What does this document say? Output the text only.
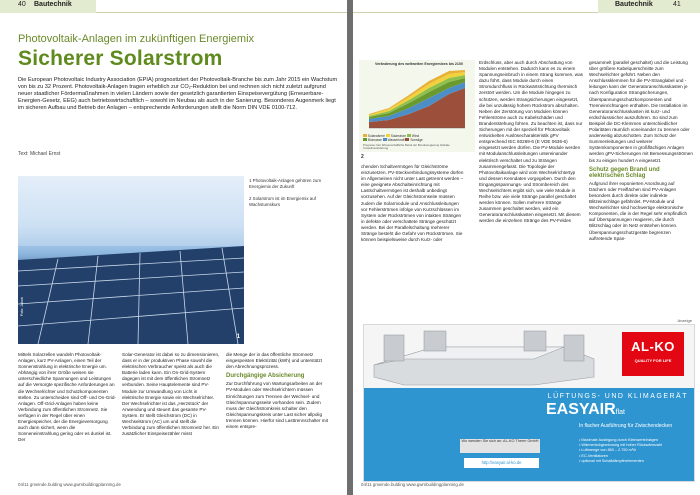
40 Bautechnik
Photovoltaik-Anlagen im zukünftigen Energiemix
Sicherer Solarstrom
Die European Photovoltaic Industry Association (EPIA) prognostiziert der Photovoltaik-Branche bis zum Jahr 2015 ein Wachstum von bis zu 32 Prozent. Photovoltaik-Anlagen tragen erheblich zur CO₂-Reduktion bei und rechnen sich nicht zuletzt aufgrund neuer staatlicher Fördermaßnahmen in vielen Ländern sowie der gesetzlich garantierten Einspeisevergütung (Erneuerbare-Energien-Gesetz, EEG) auch betriebswirtschaftlich – sowohl im Neubau als auch in der Sanierung. Besonderes Augenmerk liegt im sicheren Aufbau und Betrieb der Anlagen – entsprechende Anforderungen stellt die Norm DIN VDE 0100-712.
Text: Michael Ernst
Foto: Jakob
1
1 Photovoltaik-Anlagen gehören zum Energiemix der Zukunft
2 Solarstrom ist im Energiemix auf Wachstumskurs
Mittels Solarzellen wandeln Photovoltaik-Anlagen, kurz PV-Anlagen, einen Teil der Sonnenstrahlung in elektrische Energie um. Abhängig von ihrer Größe weisen sie unterschiedliche Spannungen und Leistungen auf die Versorgte spezifische Anforderungen an die Wechselrichter und Schutzkomponenten stellen. Zu unterscheiden sind Off- und On-Grid-Anlagen. Off-Grid-Anlagen haben keine Verbindung zum öffentlichen Stromnetz. Sie verfügen in der Regel über einen Energiespeicher, der die Energieversorgung auch dann sichert, wenn die Sonneneinstrahlung gering oder es dunkel ist. Der
Solar-Generator ist dabei so zu dimensionieren, dass er in der produktiven Phase sowohl die elektrischen Verbraucher speist als auch die Batterie laden kann. Ein On-Grid-System dagegen ist mit dem öffentlichen Stromnetz verbunden. Seine Hauptelemente sind PV-Module zur Umwandlung von Licht in elektrische Energie sowie ein Wechselrichter. Der Wechselrichter ist das „Herzstück“ der Anwendung und steuert das gesamte PV-System. Er stellt Gleichstrom (DC) in Wechselstrom (AC) um und stellt die Verbindung zum öffentlichen Stromnetz her. Ein zusätzlicher Einspeisezähler misst
die Menge der in das öffentliche Stromnetz eingespeisten Elektrizität (kWh) und unterstützt den Abrechnungsprozess.
Durchgängige Absicherung
Zur Durchführung von Wartungsarbeiten an der PV-Modulen oder Wechselrichtern müssen Einrichtungen zum Trennen der Wechsel- und Gleichspannungsseite vorhanden sein. Zudem muss der Gleichstromkreis schalter den Gleichspannungskreis unter Last sicher allpolig trennen können. Hierfür sind Lasttrennschalter mit einem entspre-
04/11 gmeinde.bulding www.gwmbuildingplanning.de
Bautechnik	41
Veränderung des weltweiten Energiemixes bis 2100
Solarwärme Solarstrom Wind
Biomasse Wasserkraft Sonstige
Prognose: Der Wissenschaftliche Beirat der Bundesregierung Globale Umweltveränderung
2
chenden Schaltvermögen für Gleichströme einzusetzen. PV-Steckverbindungssysteme dürfen im Allgemeinen nicht unter Last getrennt werden – eine geeignete Abschalteinrichtung mit Lastschaltvermögen ist deshalb unbedingt vorzusehen. Auf der Gleichstromseite müssen zudem die Solarmodule und Anschlussleitungen vor Fehlerströmen infolge von Kurzschlüssen im System oder Rückströmen von intakten Strängen in defekte oder verschattete Stränge geschützt werden. Bei der Parallelschaltung mehrerer Stränge besteht die Gefahr von Rückströmen. Sie können beispielsweise durch Kurz- oder
Erdschluss, aber auch durch Abschattung von Modulen entstehen. Dadurch kann es zu einem Spannungseinbruch in einem Strang kommen, was dazu führt, dass Module durch einen Stromdurchfluss in Rückwärtsrichtung thermisch zerstört werden. Um die Module hingegen zu schützen, werden Strangsicherungen eingesetzt, die bei unzulässig hohem Rückstrom abschalten. Neben der Zerstörung von Modulen können Fehlerströme auch zu Kabelschäden und Brandentstehung führen. Zu beachten ist, dass nur Sicherungen mit der speziell für Photovoltaik entwickelten Auslösecharakteristik gPV entsprechend IEC 60269-6 (E VDE 0636-6) eingesetzt werden dürfen. Die PV-Module werden mit Modulanschlussleitungen untereinander elektrisch verschaltet und zu Strängen zusammengefasst. Die Topologie der Photovoltaikanlage wird vom Wechselrichtertyp und dessen Kenndaten vorgegeben. Durch den Eingangsspannungs- und Strombereich des Wechselrichters ergibt sich, wie viele Module in Reihe bzw. wie viele Stränge parallel geschaltet werden können. Sollen mehrere Stränge zusammen geschaltet werden, wird ein Generatoranschlusskasten eingesetzt. Mit diesem werden die einzelnen Stränge des PV-Feldes
gesammelt (parallel geschaltet) und die Leistung über größere Kabelquerschnitte zum Wechselrichter geführt. Neben den Anschlussklemmen für die PV-Stranglabel und -leitungen kann der Generatoranschlusskasten je nach Konfiguration Strangsicherungen, Überspannungsschutzkomponenten und Trenneinrichtungen enthalten. Die Installation im Generatoranschlusskasten ist kurz- und erdschlusssicher auszuführen. So sind zum Beispiel die DC-Klemmen unterschiedlicher Polaritäten räumlich voneinander zu trennen oder anderweitig abzuschotten. Zum Schutz der Summenleitungen und weiterer Systemkomponenten in großflächigen Anlagen werden gPV-Sicherungen mit Bemessungsströmen bis zu einigen hundert A eingesetzt.
Schutz gegen Brand und elektrischen Schlag
Aufgrund ihrer exponierten Anordnung auf Dächern oder Freiflächen sind PV-Anlagen besonders durch direkte oder indirekte Blitzeinschläge gefährdet. PV-Module und Wechselrichter sind hochwertige elektronische Komponenten, die in der Regel sehr empfindlich auf Überspannungen reagieren, die durch Blitzschlag oder im Netz entstehen können. Überspannungsschutzgeräte begrenzen auftretende Span-
Anzeige
AL-KO
QUALITY FOR LIFE
LÜFTUNGS- UND KLIMAGERÄT
EASYAIRflat
In flacher Ausführung für Zwischendecken
• Maximale Auslegung durch Kleinwerteinlagen
• Wärmerückgewinnung mit hoher Rückwärmzahl
• Luftmenge von 850 – 2.750 m³/h
• EC-Ventilatoren
• optional mit Schalldämpferelementen
Wo wenden Sie sich an: AL-KO Therm GmbH
http://easyair.al-ko.de
04/11 gmeinde.bulding www.gwmbuildingplanning.de
